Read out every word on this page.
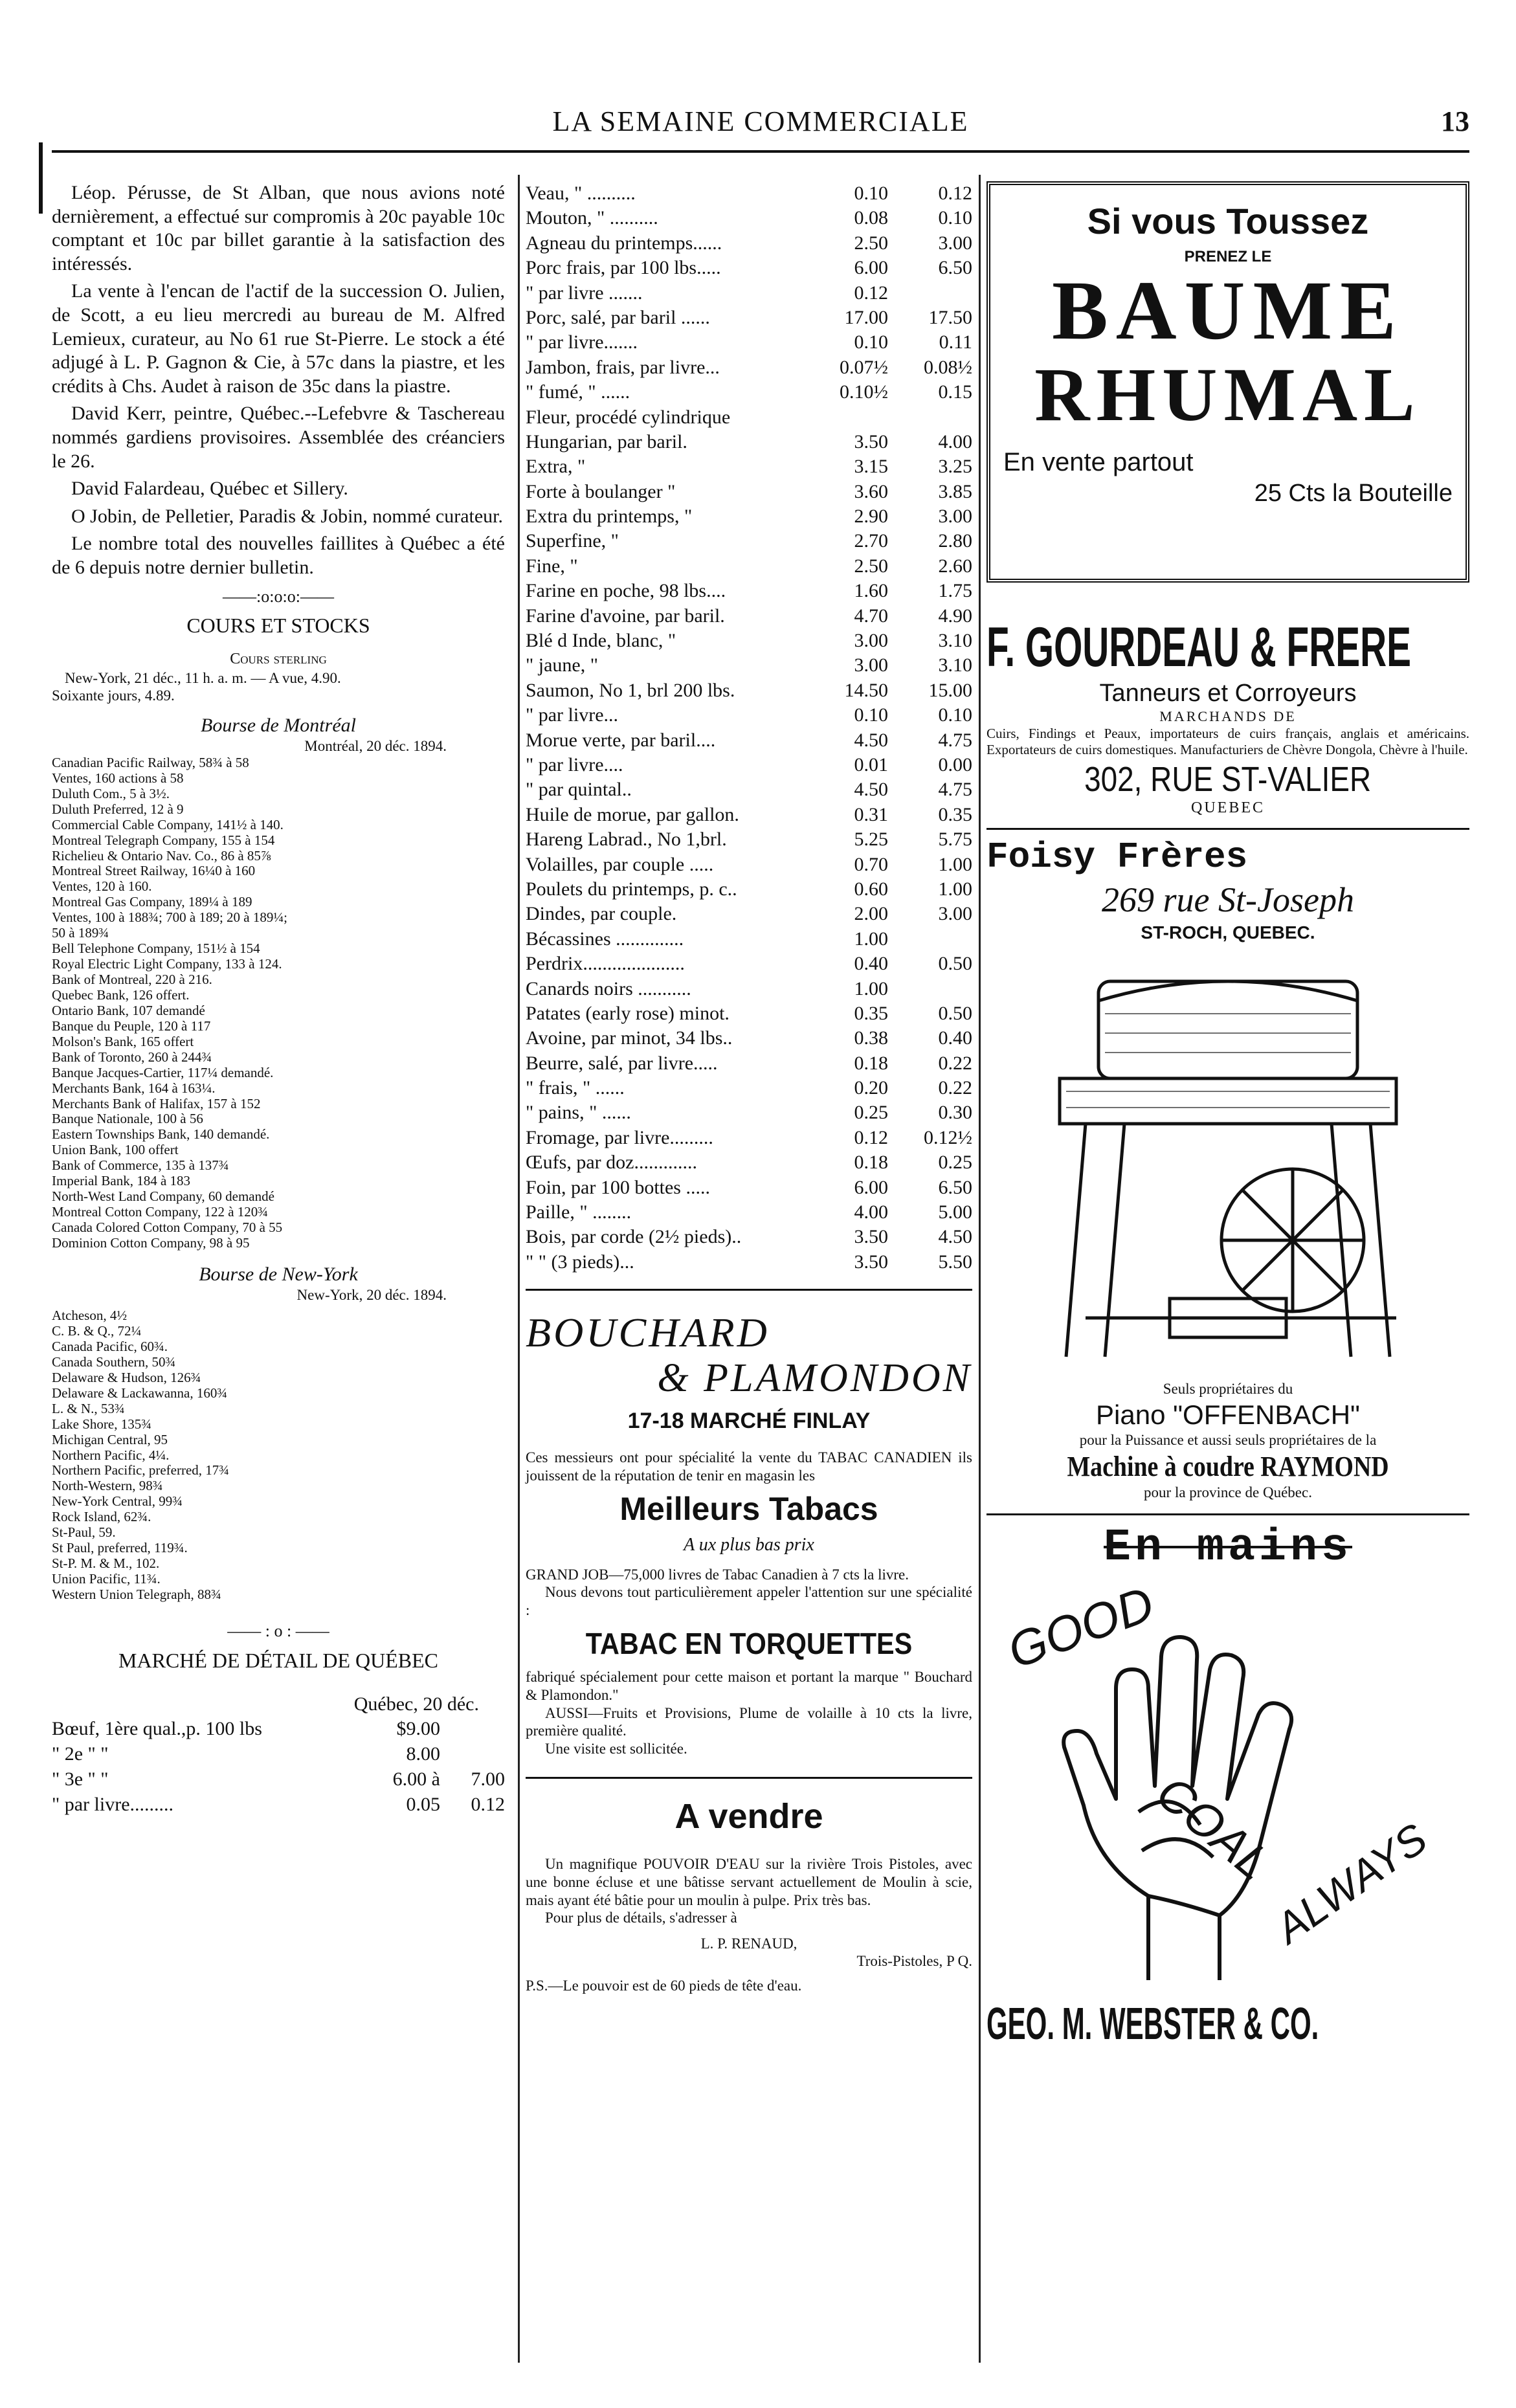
LA SEMAINE COMMERCIALE	13

Léop. Pérusse, de St Alban, que nous avions noté dernièrement, a effectué sur compromis à 20c payable 10c comptant et 10c par billet garantie à la satisfaction des intéressés.

La vente à l'encan de l'actif de la succession O. Julien, de Scott, a eu lieu mercredi au bureau de M. Alfred Lemieux, curateur, au No 61 rue St-Pierre. Le stock a été adjugé à L. P. Gagnon & Cie, à 57c dans la piastre, et les crédits à Chs. Audet à raison de 35c dans la piastre.

David Kerr, peintre, Québec.--Lefebvre & Taschereau nommés gardiens provisoires. Assemblée des créanciers le 26.

David Falardeau, Québec et Sillery.

O Jobin, de Pelletier, Paradis & Jobin, nommé curateur.

Le nombre total des nouvelles faillites à Québec a été de 6 depuis notre dernier bulletin.

——:o:o:o:——
COURS ET STOCKS
Cours sterling
New-York, 21 déc., 11 h. a. m. — A vue, 4.90.
Soixante jours, 4.89.
Bourse de Montréal
Montréal, 20 déc. 1894.
Canadian Pacific Railway, 58¾ à 58
Ventes, 160 actions à 58
Duluth Com., 5 à 3½.
Duluth Preferred, 12 à 9
Commercial Cable Company, 141½ à 140.
Montreal Telegraph Company, 155 à 154
Richelieu & Ontario Nav. Co., 86 à 85⅞
Montreal Street Railway, 16¼0 à 160
Ventes, 120 à 160.
Montreal Gas Company, 189¼ à 189
Ventes, 100 à 188¾; 700 à 189; 20 à 189¼;
50 à 189¾
Bell Telephone Company, 151½ à 154
Royal Electric Light Company, 133 à 124.
Bank of Montreal, 220 à 216.
Quebec Bank, 126 offert.
Ontario Bank, 107 demandé
Banque du Peuple, 120 à 117
Molson's Bank, 165 offert
Bank of Toronto, 260 à 244¾
Banque Jacques-Cartier, 117¼ demandé.
Merchants Bank, 164 à 163¼.
Merchants Bank of Halifax, 157 à 152
Banque Nationale, 100 à 56
Eastern Townships Bank, 140 demandé.
Union Bank, 100 offert
Bank of Commerce, 135 à 137¾
Imperial Bank, 184 à 183
North-West Land Company, 60 demandé
Montreal Cotton Company, 122 à 120¾
Canada Colored Cotton Company, 70 à 55
Dominion Cotton Company, 98 à 95
Bourse de New-York
New-York, 20 déc. 1894.
Atcheson, 4½
C. B. & Q., 72¼
Canada Pacific, 60¾.
Canada Southern, 50¾
Delaware & Hudson, 126¾
Delaware & Lackawanna, 160¾
L. & N., 53¾
Lake Shore, 135¾
Michigan Central, 95
Northern Pacific, 4¼.
Northern Pacific, preferred, 17¾
North-Western, 98¾
New-York Central, 99¾
Rock Island, 62¾.
St-Paul, 59.
St Paul, preferred, 119¾.
St-P. M. & M., 102.
Union Pacific, 11¾.
Western Union Telegraph, 88¾
—— : o : ——
MARCHÉ DE DÉTAIL DE QUÉBEC
Québec, 20 déc.
Bœuf, 1ère qual.,p. 100 lbs	$9.00	
" 2e " "	8.00	
" 3e " "	6.00 à	7.00
" par livre.........	0.05	0.12
Veau, " ..........	0.10	0.12
Mouton, " ..........	0.08	0.10
Agneau du printemps......	2.50	3.00
Porc frais, par 100 lbs.....	6.00	6.50
" par livre .......	0.12	
Porc, salé, par baril ......	17.00	17.50
" par livre.......	0.10	0.11
Jambon, frais, par livre...	0.07½	0.08½
" fumé, " ......	0.10½	0.15
Fleur, procédé cylindrique		
Hungarian, par baril.	3.50	4.00
Extra, "	3.15	3.25
Forte à boulanger "	3.60	3.85
Extra du printemps, "	2.90	3.00
Superfine, "	2.70	2.80
Fine, "	2.50	2.60
Farine en poche, 98 lbs....	1.60	1.75
Farine d'avoine, par baril.	4.70	4.90
Blé d Inde, blanc, "	3.00	3.10
" jaune, "	3.00	3.10
Saumon, No 1, brl 200 lbs.	14.50	15.00
" par livre...	0.10	0.10
Morue verte, par baril....	4.50	4.75
" par livre....	0.01	0.00
" par quintal..	4.50	4.75
Huile de morue, par gallon.	0.31	0.35
Hareng Labrad., No 1,brl.	5.25	5.75
Volailles, par couple .....	0.70	1.00
Poulets du printemps, p. c..	0.60	1.00
Dindes, par couple.	2.00	3.00
Bécassines ..............	1.00	
Perdrix.....................	0.40	0.50
Canards noirs ...........	1.00	
Patates (early rose) minot.	0.35	0.50
Avoine, par minot, 34 lbs..	0.38	0.40
Beurre, salé, par livre.....	0.18	0.22
" frais, " ......	0.20	0.22
" pains, " ......	0.25	0.30
Fromage, par livre.........	0.12	0.12½
Œufs, par doz.............	0.18	0.25
Foin, par 100 bottes .....	6.00	6.50
Paille, " ........	4.00	5.00
Bois, par corde (2½ pieds)..	3.50	4.50
" " (3 pieds)...	3.50	5.50
BOUCHARD
& PLAMONDON
17-18 MARCHÉ FINLAY
Ces messieurs ont pour spécialité la vente du TABAC CANADIEN ils jouissent de la réputation de tenir en magasin les
Meilleurs Tabacs
A ux plus bas prix
GRAND JOB—75,000 livres de Tabac Canadien à 7 cts la livre.
Nous devons tout particulièrement appeler l'attention sur une spécialité :
TABAC EN TORQUETTES
fabriqué spécialement pour cette maison et portant la marque " Bouchard & Plamondon."
AUSSI—Fruits et Provisions, Plume de volaille à 10 cts la livre, première qualité.
Une visite est sollicitée.
A vendre
Un magnifique POUVOIR D'EAU sur la rivière Trois Pistoles, avec une bonne écluse et une bâtisse servant actuellement de Moulin à scie, mais ayant été bâtie pour un moulin à pulpe. Prix très bas.
Pour plus de détails, s'adresser à
L. P. RENAUD,
Trois-Pistoles, P Q.
P.S.—Le pouvoir est de 60 pieds de tête d'eau.
Si vous Toussez
PRENEZ LE
BAUME
RHUMAL
En vente partout
25 Cts la Bouteille
F. GOURDEAU & FRERE
Tanneurs et Corroyeurs
MARCHANDS DE
Cuirs, Findings et Peaux, importateurs de cuirs français, anglais et américains. Exportateurs de cuirs domestiques. Manufacturiers de Chèvre Dongola, Chèvre à l'huile.
302, RUE ST-VALIER
QUEBEC
Foisy Frères
269 rue St-Joseph
ST-ROCH, QUEBEC.
Seuls propriétaires du
Piano "OFFENBACH"
pour la Puissance et aussi seuls propriétaires de la
Machine à coudre RAYMOND
pour la province de Québec.
En mains
GOOD
COAL
ALWAYS
GEO. M. WEBSTER & CO.
